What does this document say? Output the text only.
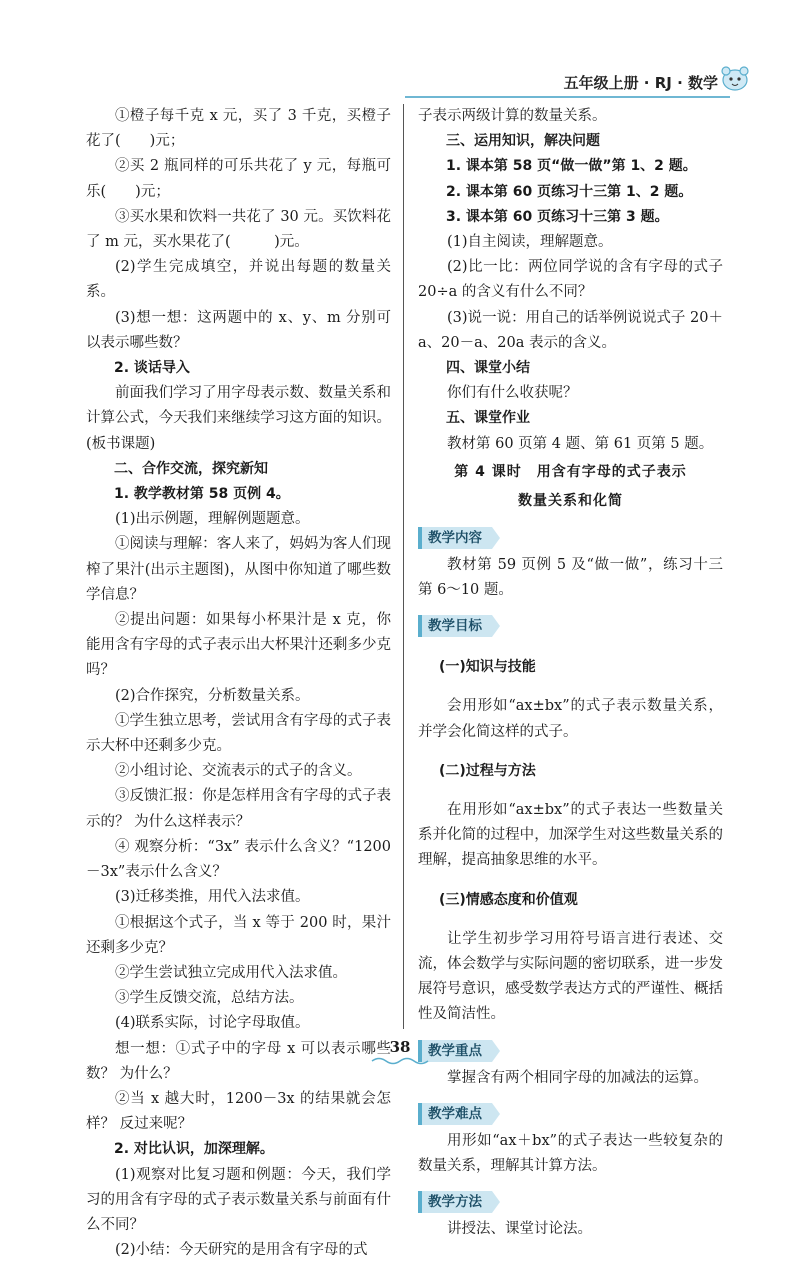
五年级上册 · RJ · 数学

①橙子每千克 x 元，买了 3 千克，买橙子花了(　　)元；

②买 2 瓶同样的可乐共花了 y 元，每瓶可乐(　　)元；

③买水果和饮料一共花了 30 元。买饮料花了 m 元，买水果花了(　　　)元。

(2)学生完成填空，并说出每题的数量关系。

(3)想一想：这两题中的 x、y、m 分别可以表示哪些数？

2. 谈话导入

前面我们学习了用字母表示数、数量关系和计算公式，今天我们来继续学习这方面的知识。(板书课题)

二、合作交流，探究新知

1. 教学教材第 58 页例 4。

(1)出示例题，理解例题题意。

①阅读与理解：客人来了，妈妈为客人们现榨了果汁(出示主题图)，从图中你知道了哪些数学信息？

②提出问题：如果每小杯果汁是 x 克，你能用含有字母的式子表示出大杯果汁还剩多少克吗？

(2)合作探究，分析数量关系。

①学生独立思考，尝试用含有字母的式子表示大杯中还剩多少克。

②小组讨论、交流表示的式子的含义。

③反馈汇报：你是怎样用含有字母的式子表示的？ 为什么这样表示？

④ 观察分析：“3x” 表示什么含义？“1200－3x”表示什么含义？

(3)迁移类推，用代入法求值。

①根据这个式子，当 x 等于 200 时，果汁还剩多少克？

②学生尝试独立完成用代入法求值。

③学生反馈交流，总结方法。

(4)联系实际，讨论字母取值。

想一想：①式子中的字母 x 可以表示哪些数？ 为什么？

②当 x 越大时，1200－3x 的结果就会怎样？ 反过来呢？

2. 对比认识，加深理解。

(1)观察对比复习题和例题：今天，我们学习的用含有字母的式子表示数量关系与前面有什么不同？

(2)小结：今天研究的是用含有字母的式

子表示两级计算的数量关系。

三、运用知识，解决问题

1. 课本第 58 页“做一做”第 1、2 题。

2. 课本第 60 页练习十三第 1、2 题。

3. 课本第 60 页练习十三第 3 题。

(1)自主阅读，理解题意。

(2)比一比：两位同学说的含有字母的式子 20÷a 的含义有什么不同？

(3)说一说：用自己的话举例说说式子 20＋a、20－a、20a 表示的含义。

四、课堂小结

你们有什么收获呢？

五、课堂作业

教材第 60 页第 4 题、第 61 页第 5 题。

第 4 课时　用含有字母的式子表示

数量关系和化简

教学内容

教材第 59 页例 5 及“做一做”，练习十三第 6～10 题。

教学目标

(一)知识与技能

会用形如“ax±bx”的式子表示数量关系，并学会化简这样的式子。

(二)过程与方法

在用形如“ax±bx”的式子表达一些数量关系并化简的过程中，加深学生对这些数量关系的理解，提高抽象思维的水平。

(三)情感态度和价值观

让学生初步学习用符号语言进行表述、交流，体会数学与实际问题的密切联系，进一步发展符号意识，感受数学表达方式的严谨性、概括性及简洁性。

教学重点

掌握含有两个相同字母的加减法的运算。

教学难点

用形如“ax＋bx”的式子表达一些较复杂的数量关系，理解其计算方法。

教学方法

讲授法、课堂讨论法。

38
